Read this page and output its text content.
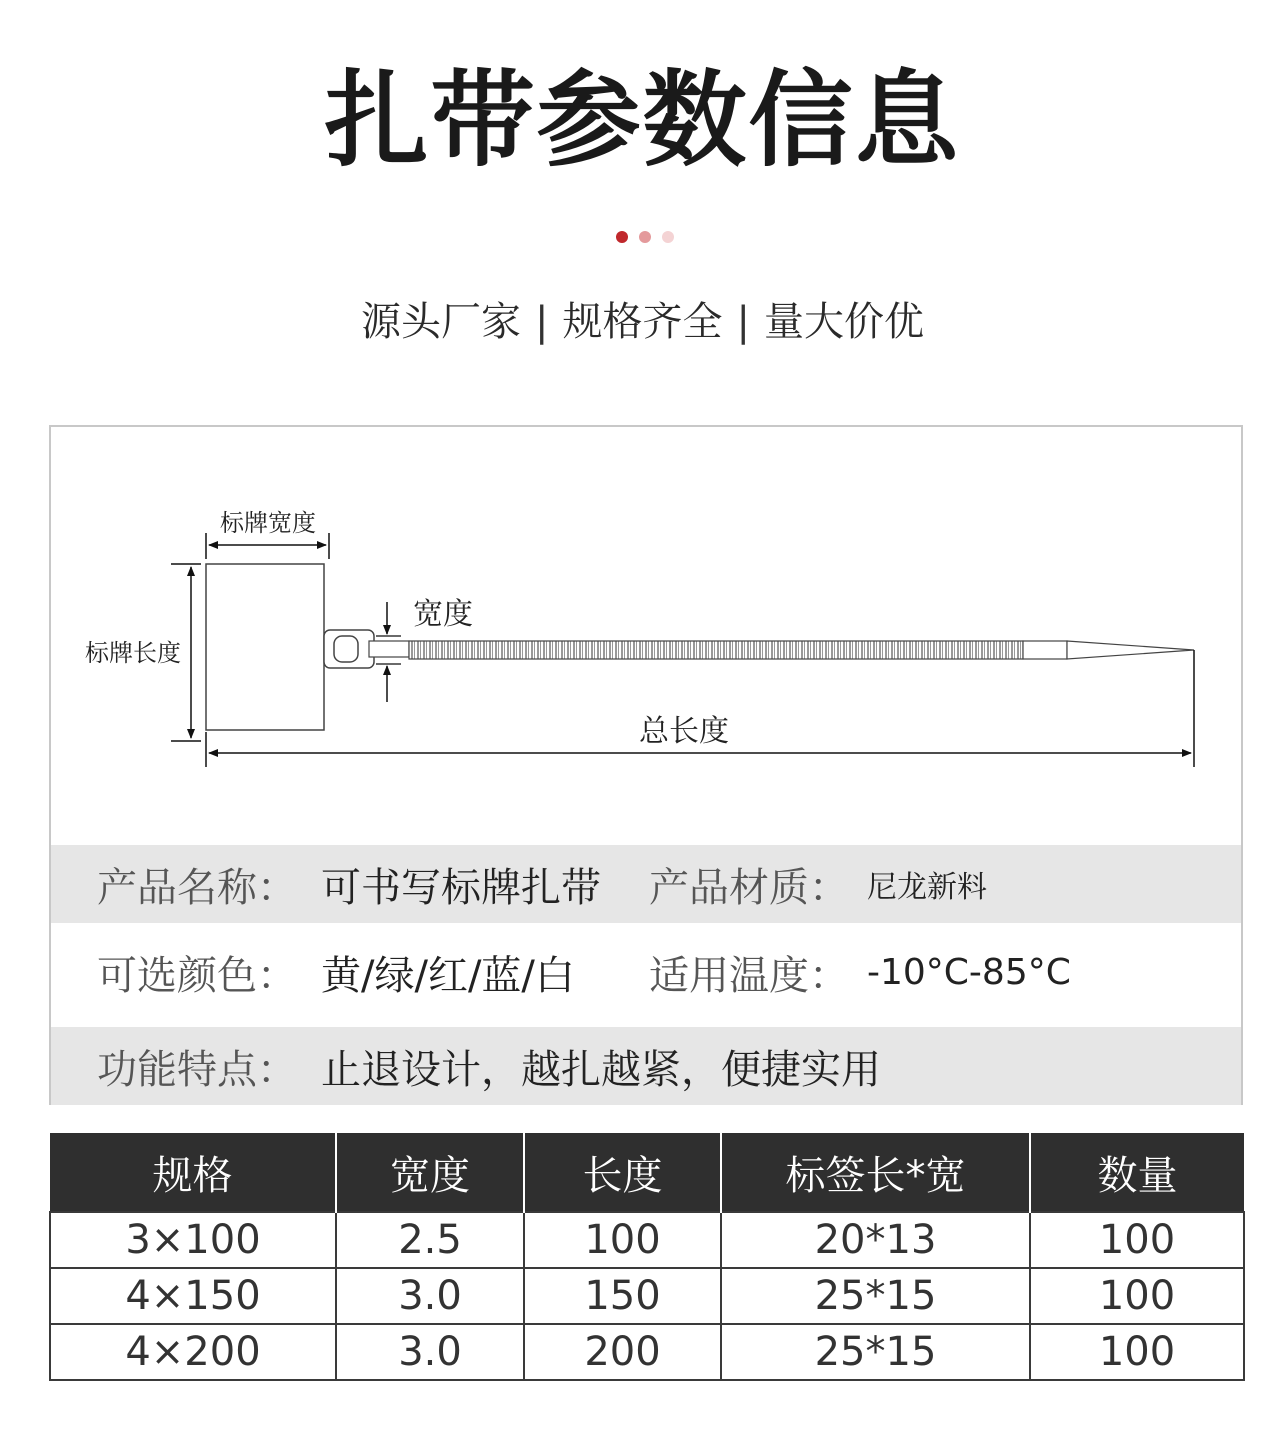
扎带参数信息
源头厂家 | 规格齐全 | 量大价优
标牌宽度
标牌长度
宽度
总长度
产品名称： 可书写标牌扎带	产品材质： 尼龙新料
可选颜色： 黄/绿/红/蓝/白	适用温度： -10°C-85°C
功能特点： 止退设计，越扎越紧，便捷实用
规格	宽度	长度	标签长*宽	数量
3×100	2.5	100	20*13	100
4×150	3.0	150	25*15	100
4×200	3.0	200	25*15	100
